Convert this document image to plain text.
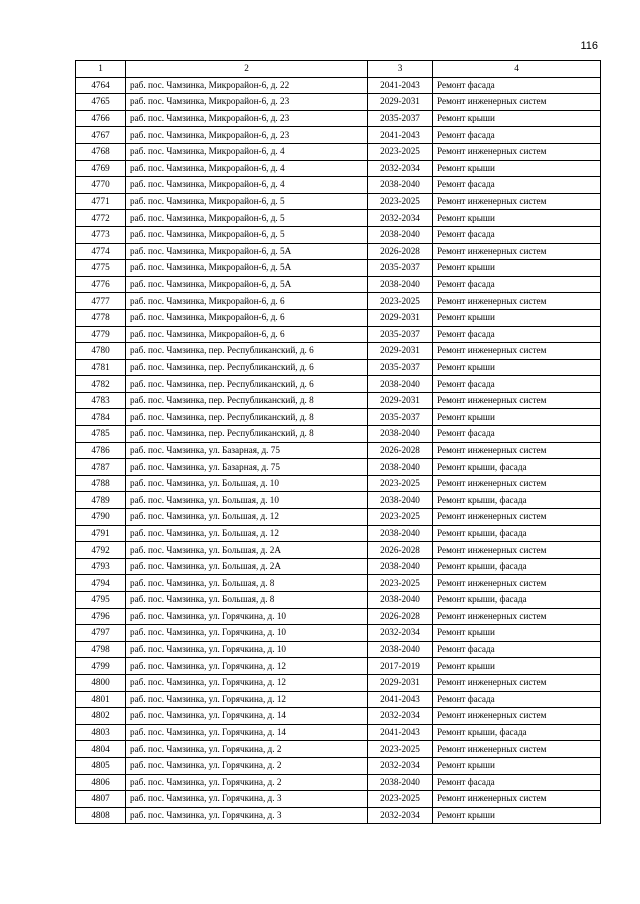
116
1	2	3	4
4764	раб. пос. Чамзинка, Микрорайон-6, д. 22	2041-2043	Ремонт фасада
4765	раб. пос. Чамзинка, Микрорайон-6, д. 23	2029-2031	Ремонт инженерных систем
4766	раб. пос. Чамзинка, Микрорайон-6, д. 23	2035-2037	Ремонт крыши
4767	раб. пос. Чамзинка, Микрорайон-6, д. 23	2041-2043	Ремонт фасада
4768	раб. пос. Чамзинка, Микрорайон-6, д. 4	2023-2025	Ремонт инженерных систем
4769	раб. пос. Чамзинка, Микрорайон-6, д. 4	2032-2034	Ремонт крыши
4770	раб. пос. Чамзинка, Микрорайон-6, д. 4	2038-2040	Ремонт фасада
4771	раб. пос. Чамзинка, Микрорайон-6, д. 5	2023-2025	Ремонт инженерных систем
4772	раб. пос. Чамзинка, Микрорайон-6, д. 5	2032-2034	Ремонт крыши
4773	раб. пос. Чамзинка, Микрорайон-6, д. 5	2038-2040	Ремонт фасада
4774	раб. пос. Чамзинка, Микрорайон-6, д. 5А	2026-2028	Ремонт инженерных систем
4775	раб. пос. Чамзинка, Микрорайон-6, д. 5А	2035-2037	Ремонт крыши
4776	раб. пос. Чамзинка, Микрорайон-6, д. 5А	2038-2040	Ремонт фасада
4777	раб. пос. Чамзинка, Микрорайон-6, д. 6	2023-2025	Ремонт инженерных систем
4778	раб. пос. Чамзинка, Микрорайон-6, д. 6	2029-2031	Ремонт крыши
4779	раб. пос. Чамзинка, Микрорайон-6, д. 6	2035-2037	Ремонт фасада
4780	раб. пос. Чамзинка, пер. Республиканский, д. 6	2029-2031	Ремонт инженерных систем
4781	раб. пос. Чамзинка, пер. Республиканский, д. 6	2035-2037	Ремонт крыши
4782	раб. пос. Чамзинка, пер. Республиканский, д. 6	2038-2040	Ремонт фасада
4783	раб. пос. Чамзинка, пер. Республиканский, д. 8	2029-2031	Ремонт инженерных систем
4784	раб. пос. Чамзинка, пер. Республиканский, д. 8	2035-2037	Ремонт крыши
4785	раб. пос. Чамзинка, пер. Республиканский, д. 8	2038-2040	Ремонт фасада
4786	раб. пос. Чамзинка, ул. Базарная, д. 75	2026-2028	Ремонт инженерных систем
4787	раб. пос. Чамзинка, ул. Базарная, д. 75	2038-2040	Ремонт крыши, фасада
4788	раб. пос. Чамзинка, ул. Большая, д. 10	2023-2025	Ремонт инженерных систем
4789	раб. пос. Чамзинка, ул. Большая, д. 10	2038-2040	Ремонт крыши, фасада
4790	раб. пос. Чамзинка, ул. Большая, д. 12	2023-2025	Ремонт инженерных систем
4791	раб. пос. Чамзинка, ул. Большая, д. 12	2038-2040	Ремонт крыши, фасада
4792	раб. пос. Чамзинка, ул. Большая, д. 2А	2026-2028	Ремонт инженерных систем
4793	раб. пос. Чамзинка, ул. Большая, д. 2А	2038-2040	Ремонт крыши, фасада
4794	раб. пос. Чамзинка, ул. Большая, д. 8	2023-2025	Ремонт инженерных систем
4795	раб. пос. Чамзинка, ул. Большая, д. 8	2038-2040	Ремонт крыши, фасада
4796	раб. пос. Чамзинка, ул. Горячкина, д. 10	2026-2028	Ремонт инженерных систем
4797	раб. пос. Чамзинка, ул. Горячкина, д. 10	2032-2034	Ремонт крыши
4798	раб. пос. Чамзинка, ул. Горячкина, д. 10	2038-2040	Ремонт фасада
4799	раб. пос. Чамзинка, ул. Горячкина, д. 12	2017-2019	Ремонт крыши
4800	раб. пос. Чамзинка, ул. Горячкина, д. 12	2029-2031	Ремонт инженерных систем
4801	раб. пос. Чамзинка, ул. Горячкина, д. 12	2041-2043	Ремонт фасада
4802	раб. пос. Чамзинка, ул. Горячкина, д. 14	2032-2034	Ремонт инженерных систем
4803	раб. пос. Чамзинка, ул. Горячкина, д. 14	2041-2043	Ремонт крыши, фасада
4804	раб. пос. Чамзинка, ул. Горячкина, д. 2	2023-2025	Ремонт инженерных систем
4805	раб. пос. Чамзинка, ул. Горячкина, д. 2	2032-2034	Ремонт крыши
4806	раб. пос. Чамзинка, ул. Горячкина, д. 2	2038-2040	Ремонт фасада
4807	раб. пос. Чамзинка, ул. Горячкина, д. 3	2023-2025	Ремонт инженерных систем
4808	раб. пос. Чамзинка, ул. Горячкина, д. 3	2032-2034	Ремонт крыши
